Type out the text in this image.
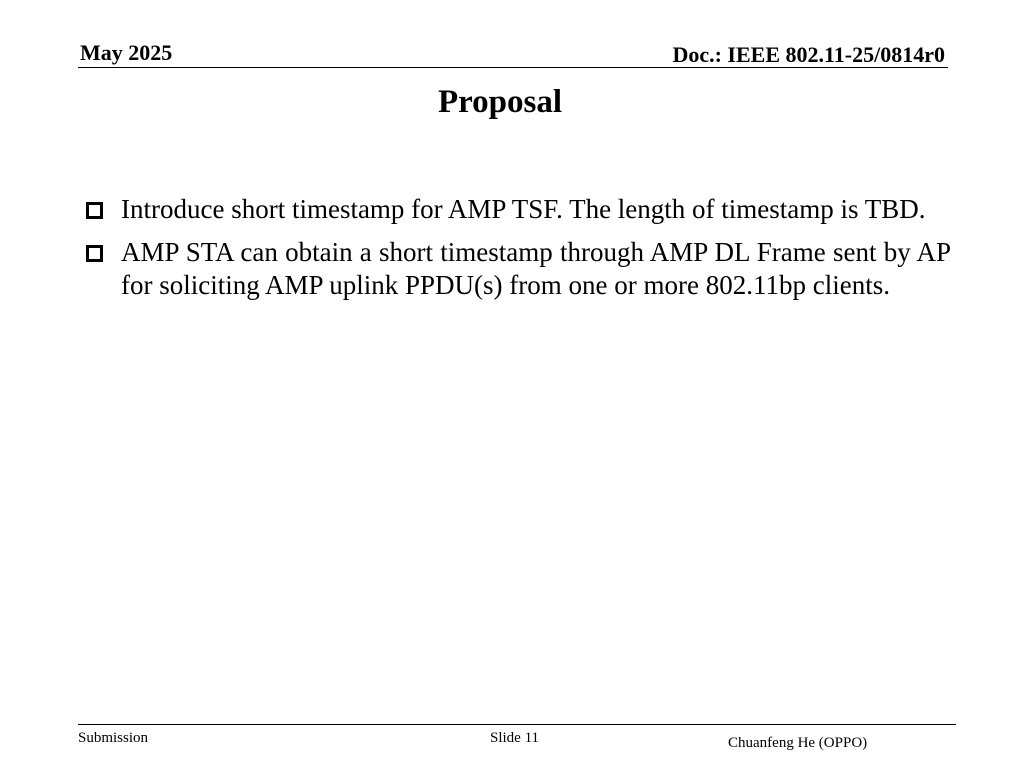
May 2025	Doc.: IEEE 802.11-25/0814r0
Proposal
Introduce short timestamp for AMP TSF. The length of timestamp is TBD.
AMP STA can obtain a short timestamp through AMP DL Frame sent by AP for soliciting AMP uplink PPDU(s) from one or more 802.11bp clients.
Submission	Slide 11	Chuanfeng He (OPPO)
